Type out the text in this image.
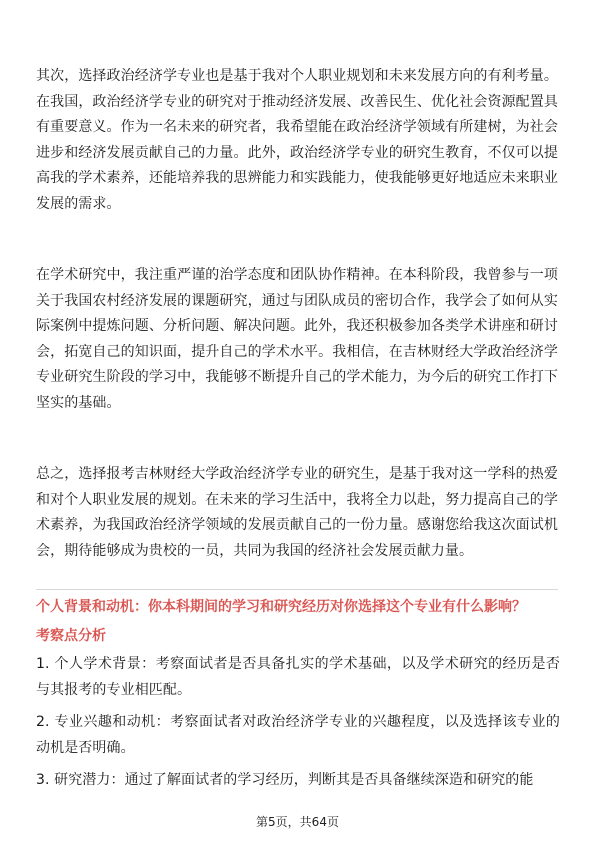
其次，选择政治经济学专业也是基于我对个人职业规划和未来发展方向的有利考量。在我国，政治经济学专业的研究对于推动经济发展、改善民生、优化社会资源配置具有重要意义。作为一名未来的研究者，我希望能在政治经济学领域有所建树，为社会进步和经济发展贡献自己的力量。此外，政治经济学专业的研究生教育，不仅可以提高我的学术素养，还能培养我的思辨能力和实践能力，使我能够更好地适应未来职业发展的需求。

在学术研究中，我注重严谨的治学态度和团队协作精神。在本科阶段，我曾参与一项关于我国农村经济发展的课题研究，通过与团队成员的密切合作，我学会了如何从实际案例中提炼问题、分析问题、解决问题。此外，我还积极参加各类学术讲座和研讨会，拓宽自己的知识面，提升自己的学术水平。我相信，在吉林财经大学政治经济学专业研究生阶段的学习中，我能够不断提升自己的学术能力，为今后的研究工作打下坚实的基础。

总之，选择报考吉林财经大学政治经济学专业的研究生，是基于我对这一学科的热爱和对个人职业发展的规划。在未来的学习生活中，我将全力以赴，努力提高自己的学术素养，为我国政治经济学领域的发展贡献自己的一份力量。感谢您给我这次面试机会，期待能够成为贵校的一员，共同为我国的经济社会发展贡献力量。

个人背景和动机：你本科期间的学习和研究经历对你选择这个专业有什么影响？

考察点分析

1. 个人学术背景：考察面试者是否具备扎实的学术基础，以及学术研究的经历是否与其报考的专业相匹配。

2. 专业兴趣和动机：考察面试者对政治经济学专业的兴趣程度，以及选择该专业的动机是否明确。

3. 研究潜力：通过了解面试者的学习经历，判断其是否具备继续深造和研究的能

第5页，共64页
